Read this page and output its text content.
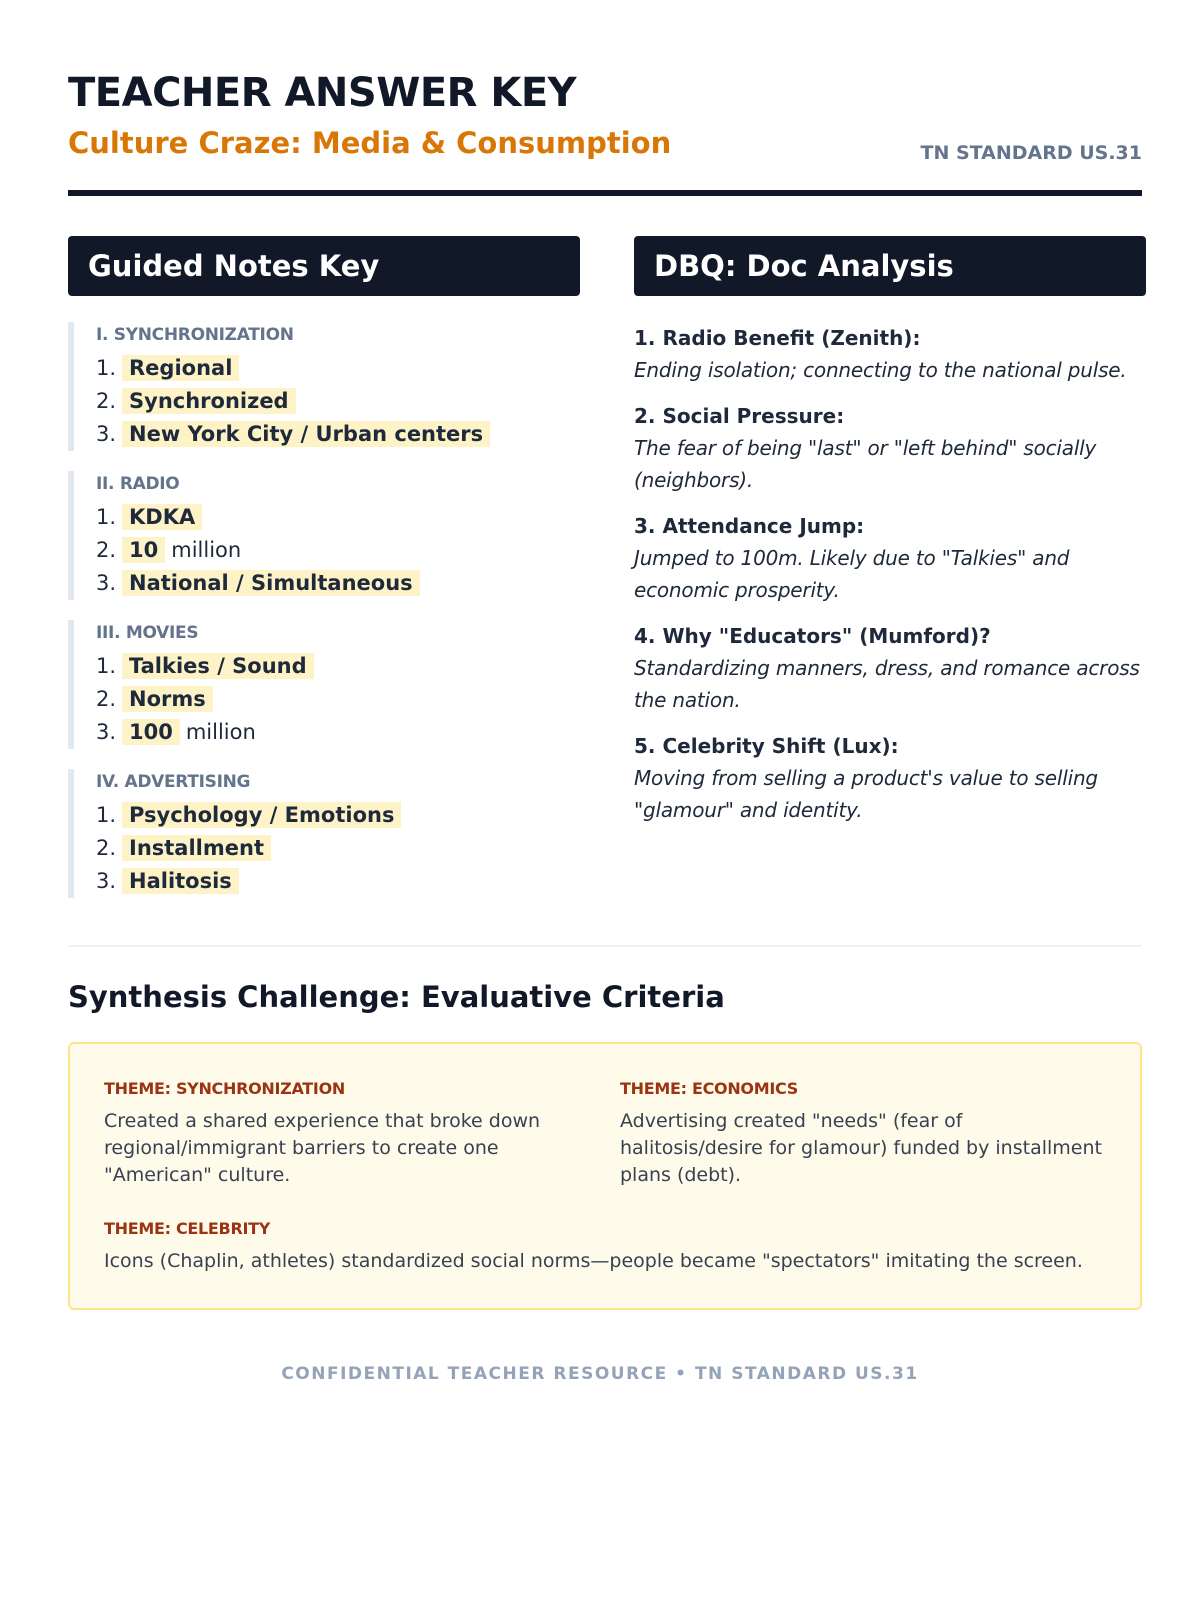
TEACHER ANSWER KEY
Culture Craze: Media & Consumption	TN STANDARD US.31
Guided Notes Key	DBQ: Doc Analysis
I. SYNCHRONIZATION
1. Regional
2. Synchronized
3. New York City / Urban centers
II. RADIO
1. KDKA
2. 10 million
3. National / Simultaneous
III. MOVIES
1. Talkies / Sound
2. Norms
3. 100 million
IV. ADVERTISING
1. Psychology / Emotions
2. Installment
3. Halitosis
1. Radio Benefit (Zenith):
Ending isolation; connecting to the national pulse.
2. Social Pressure:
The fear of being "last" or "left behind" socially (neighbors).
3. Attendance Jump:
Jumped to 100m. Likely due to "Talkies" and economic prosperity.
4. Why "Educators" (Mumford)?
Standardizing manners, dress, and romance across the nation.
5. Celebrity Shift (Lux):
Moving from selling a product's value to selling "glamour" and identity.
Synthesis Challenge: Evaluative Criteria
THEME: SYNCHRONIZATION
Created a shared experience that broke down regional/immigrant barriers to create one "American" culture.
THEME: ECONOMICS
Advertising created "needs" (fear of halitosis/desire for glamour) funded by installment plans (debt).
THEME: CELEBRITY
Icons (Chaplin, athletes) standardized social norms—people became "spectators" imitating the screen.
CONFIDENTIAL TEACHER RESOURCE • TN STANDARD US.31
